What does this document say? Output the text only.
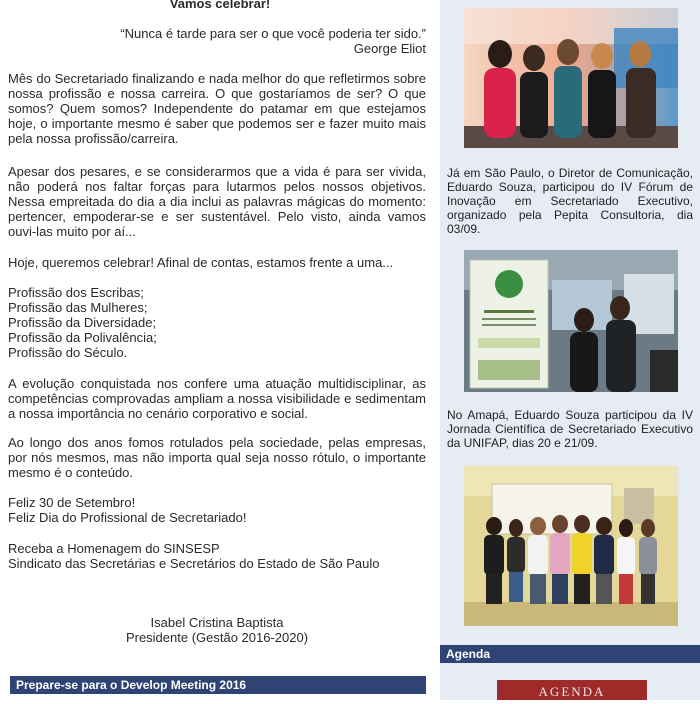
Vamos celebrar!
“Nunca é tarde para ser o que você poderia ter sido.”
George Eliot

Mês do Secretariado finalizando e nada melhor do que refletirmos sobre nossa profissão e nossa carreira. O que gostaríamos de ser? O que somos? Quem somos? Independente do patamar em que estejamos hoje, o importante mesmo é saber que podemos ser e fazer muito mais pela nossa profissão/carreira.

Apesar dos pesares, e se considerarmos que a vida é para ser vivida, não poderá nos faltar forças para lutarmos pelos nossos objetivos. Nessa empreitada do dia a dia inclui as palavras mágicas do momento: pertencer, empoderar-se e ser sustentável. Pelo visto, ainda vamos ouvi-las muito por aí...

Hoje, queremos celebrar! Afinal de contas, estamos frente a uma...

Profissão dos Escribas;
Profissão das Mulheres;
Profissão da Diversidade;
Profissão da Polivalência;
Profissão do Século.

A evolução conquistada nos confere uma atuação multidisciplinar, as competências comprovadas ampliam a nossa visibilidade e sedimentam a nossa importância no cenário corporativo e social.

Ao longo dos anos fomos rotulados pela sociedade, pelas empresas, por nós mesmos, mas não importa qual seja nosso rótulo, o importante mesmo é o conteúdo.

Feliz 30 de Setembro!
Feliz Dia do Profissional de Secretariado!
Receba a Homenagem do SINSESP
Sindicato das Secretárias e Secretários do Estado de São Paulo
Isabel Cristina Baptista
Presidente (Gestão 2016-2020)
Prepare-se para o Develop Meeting 2016
Já em São Paulo, o Diretor de Comunicação, Eduardo Souza, participou do IV Fórum de Inovação em Secretariado Executivo, organizado pela Pepita Consultoria, dia 03/09.
No Amapá, Eduardo Souza participou da IV Jornada Científica de Secretariado Executivo da UNIFAP, dias 20 e 21/09.
Agenda
AGENDA
